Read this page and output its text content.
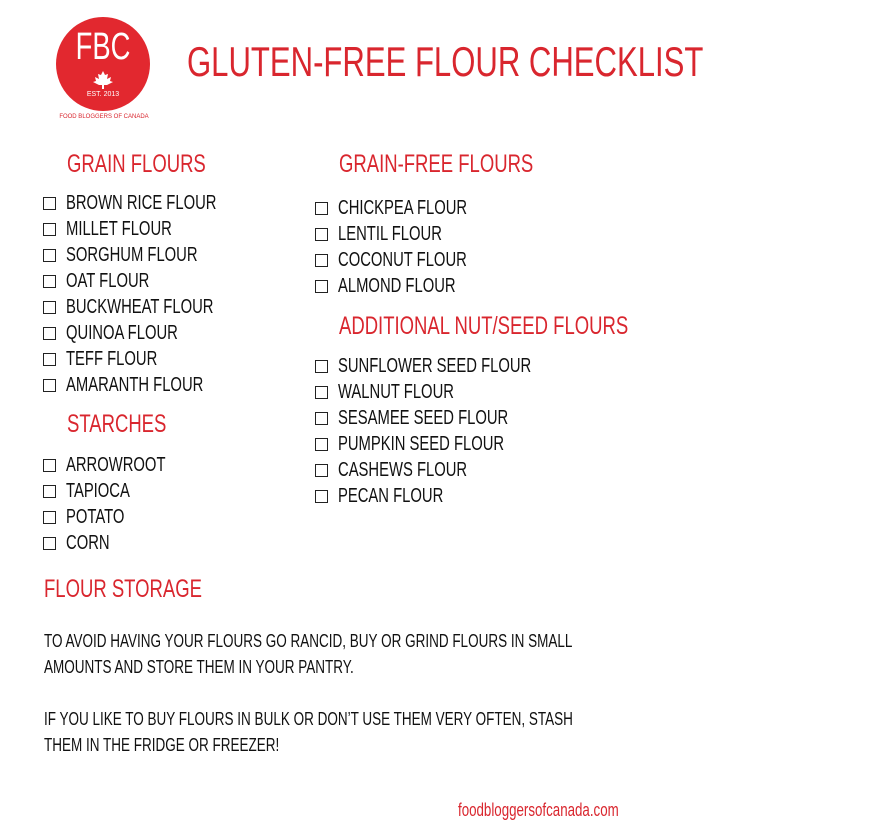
FBC
EST. 2013
FOOD BLOGGERS OF CANADA
GLUTEN-FREE FLOUR CHECKLIST
GRAIN FLOURS
BROWN RICE FLOUR
MILLET FLOUR
SORGHUM FLOUR
OAT FLOUR
BUCKWHEAT FLOUR
QUINOA FLOUR
TEFF FLOUR
AMARANTH FLOUR
STARCHES
ARROWROOT
TAPIOCA
POTATO
CORN
GRAIN-FREE FLOURS
CHICKPEA FLOUR
LENTIL FLOUR
COCONUT FLOUR
ALMOND FLOUR
ADDITIONAL NUT/SEED FLOURS
SUNFLOWER SEED FLOUR
WALNUT FLOUR
SESAMEE SEED FLOUR
PUMPKIN SEED FLOUR
CASHEWS FLOUR
PECAN FLOUR
FLOUR STORAGE
TO AVOID HAVING YOUR FLOURS GO RANCID, BUY OR GRIND FLOURS IN SMALL AMOUNTS AND STORE THEM IN YOUR PANTRY.
IF YOU LIKE TO BUY FLOURS IN BULK OR DON’T USE THEM VERY OFTEN, STASH THEM IN THE FRIDGE OR FREEZER!
foodbloggersofcanada.com
